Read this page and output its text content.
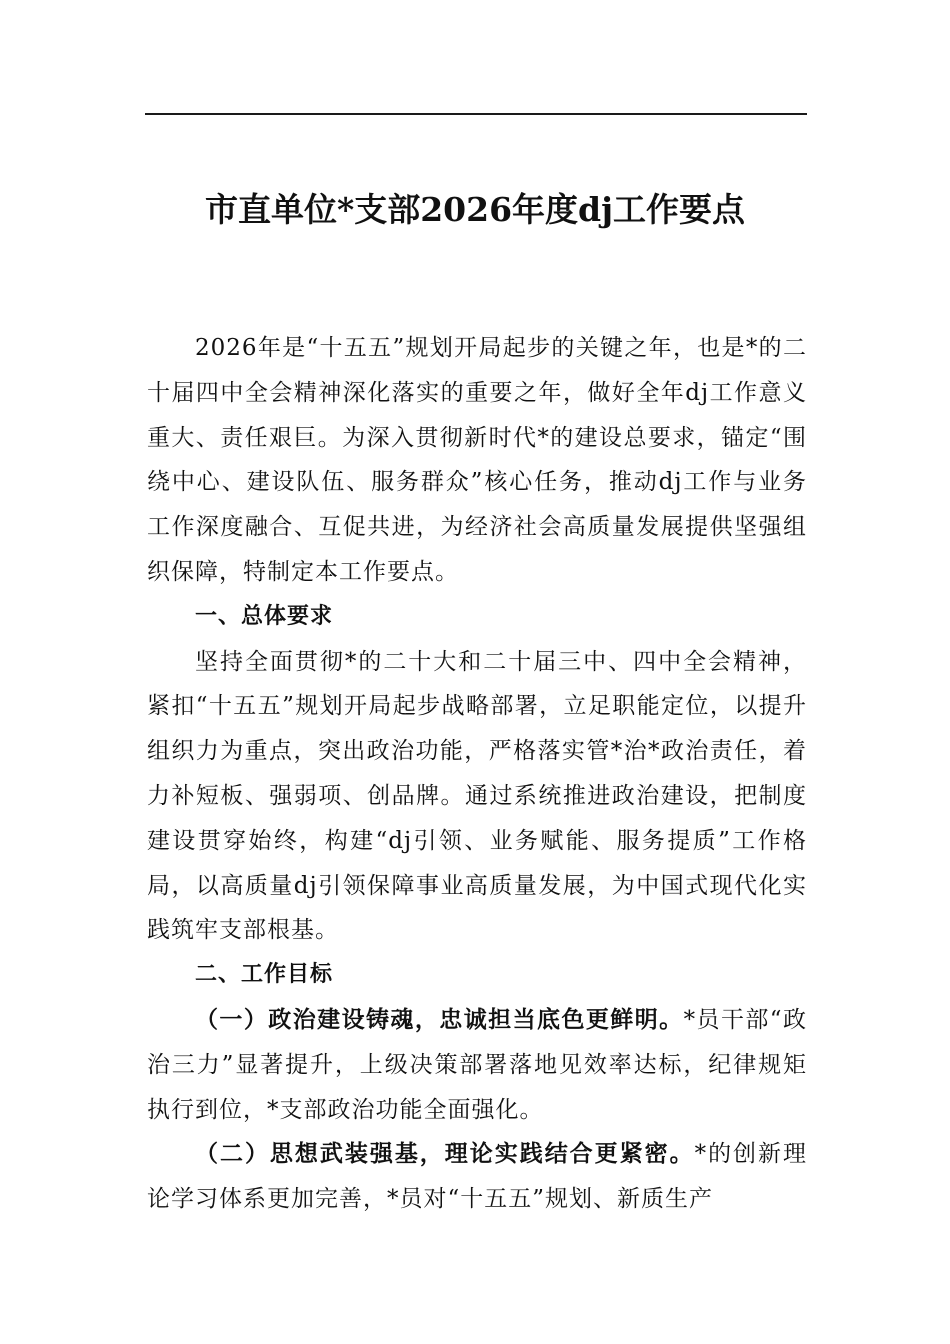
市直单位*支部2026年度dj工作要点

2026年是“十五五”规划开局起步的关键之年，也是*的二十届四中全会精神深化落实的重要之年，做好全年dj工作意义重大、责任艰巨。为深入贯彻新时代*的建设总要求，锚定“围绕中心、建设队伍、服务群众”核心任务，推动dj工作与业务工作深度融合、互促共进，为经济社会高质量发展提供坚强组织保障，特制定本工作要点。

一、总体要求

坚持全面贯彻*的二十大和二十届三中、四中全会精神，紧扣“十五五”规划开局起步战略部署，立足职能定位，以提升组织力为重点，突出政治功能，严格落实管*治*政治责任，着力补短板、强弱项、创品牌。通过系统推进政治建设，把制度建设贯穿始终，构建“dj引领、业务赋能、服务提质”工作格局，以高质量dj引领保障事业高质量发展，为中国式现代化实践筑牢支部根基。

二、工作目标

（一）政治建设铸魂，忠诚担当底色更鲜明。*员干部“政治三力”显著提升，上级决策部署落地见效率达标，纪律规矩执行到位，*支部政治功能全面强化。

（二）思想武装强基，理论实践结合更紧密。*的创新理论学习体系更加完善，*员对“十五五”规划、新质生产
